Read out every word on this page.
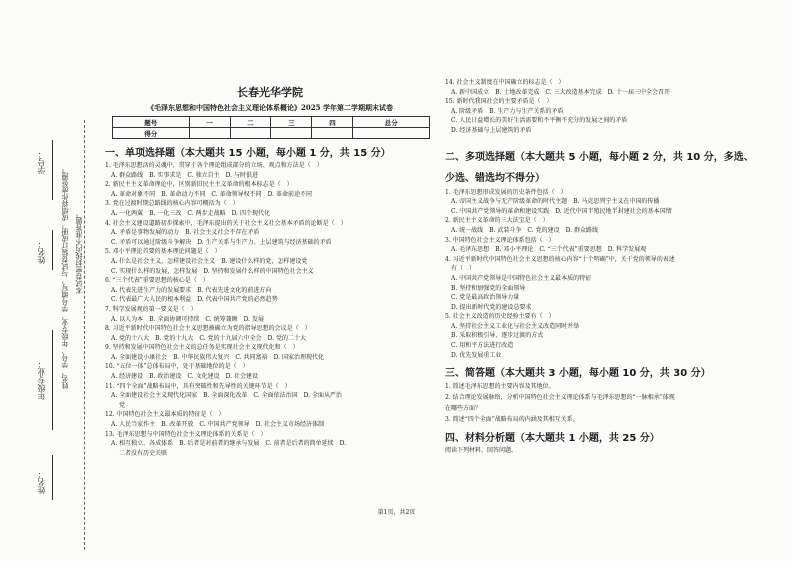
学号：
姓名：
年级专业：
姓名：
姓名、学号、年级专业、学号填写，与试卷装订成册，成绩将作废处理。 本试卷密封线内不准答题。
长春光华学院
《毛泽东思想和中国特色社会主义理论体系概论》2025 学年第二学期期末试卷
题号	一	二	三	四	总分
得分					
一、单项选择题（本大题共 15 小题，每小题 1 分，共 15 分）
1. 毛泽东思想活的灵魂中，贯穿于各个理论组成部分的立场、观点和方法是（　）
A. 群众路线　B. 实事求是　C. 独立自主　D. 与时俱进
2. 新民主主义革命理论中，区别新旧民主主义革命的根本标志是（　）
A. 革命对象不同　B. 革命动力不同　C. 革命领导权不同　D. 革命前途不同
3. 党在过渡时期总路线的核心内容可概括为（　）
A. 一化两翼　B. 一化三改　C. 两步走战略　D. 四个现代化
4. 社会主义建设道路初步探索中，毛泽东提出的关于社会主义社会基本矛盾的论断是（　）
A. 矛盾是事物发展的动力　B. 社会主义社会不存在矛盾
C. 矛盾可以通过阶级斗争解决　D. 生产关系与生产力、上层建筑与经济基础的矛盾
5. 邓小平理论首要的基本理论问题是（　）
A. 什么是社会主义，怎样建设社会主义　B. 建设什么样的党，怎样建设党
C. 实现什么样的发展，怎样发展　D. 坚持和发展什么样的中国特色社会主义
6. “三个代表”重要思想的核心是（　）
A. 代表先进生产力的发展要求　B. 代表先进文化的前进方向
C. 代表最广大人民的根本利益　D. 代表中国共产党的必然趋势
7. 科学发展观的第一要义是（　）
A. 以人为本　B. 全面协调可持续　C. 统筹兼顾　D. 发展
8. 习近平新时代中国特色社会主义思想被确立为党的指导思想的会议是（　）
A. 党的十八大　B. 党的十九大　C. 党的十九届六中全会　D. 党的二十大
9. 坚持和发展中国特色社会主义的总任务是实现社会主义现代化和（　）
A. 全面建设小康社会　B. 中华民族伟大复兴　C. 共同富裕　D. 国家治理现代化
10. “五位一体”总体布局中，处于基础地位的是（　）
A. 经济建设　B. 政治建设　C. 文化建设　D. 社会建设
11. “四个全面”战略布局中，具有突破性和先导性的关键环节是（　）
A. 全面建设社会主义现代化国家　B. 全面深化改革　C. 全面依法治国　D. 全面从严治
党
12. 中国特色社会主义最本质的特征是（　）
A. 人民当家作主　B. 改革开放　C. 中国共产党领导　D. 社会主义市场经济体制
13. 毛泽东思想与中国特色社会主义理论体系的关系是（　）
A. 相互独立，各成体系　B. 后者是对前者的继承与发展　C. 前者是后者的简单延续　D.
二者没有历史关联
14. 社会主义制度在中国确立的标志是（　）
A. 新中国成立　B. 土地改革完成　C. 三大改造基本完成　D. 十一届三中全会召开
15. 新时代我国社会的主要矛盾是（　）
A. 阶级矛盾　B. 生产力与生产关系的矛盾
C. 人民日益增长的美好生活需要和不平衡不充分的发展之间的矛盾
D. 经济基础与上层建筑的矛盾
二、多项选择题（本大题共 5 小题，每小题 2 分，共 10 分，多选、
少选、错选均不得分）
1. 毛泽东思想形成发展的历史条件包括（　）
A. 帝国主义战争与无产阶级革命的时代主题　B. 马克思列宁主义在中国的传播
C. 中国共产党领导的革命和建设实践　D. 近代中国半殖民地半封建社会的基本国情
2. 新民主主义革命的三大法宝是（　）
A. 统一战线　B. 武装斗争　C. 党的建设　D. 群众路线
3. 中国特色社会主义理论体系包括（　）
A. 毛泽东思想　B. 邓小平理论　C. “三个代表”重要思想　D. 科学发展观
4. 习近平新时代中国特色社会主义思想的核心内容“十个明确”中，关于党的领导的表述
有（　）
A. 中国共产党领导是中国特色社会主义最本质的特征
B. 坚持和加强党的全面领导
C. 党是最高政治领导力量
D. 提出新时代党的建设总要求
5. 社会主义改造的历史经验主要有（　）
A. 坚持社会主义工业化与社会主义改造同时并举
B. 采取积极引导、逐步过渡的方式
C. 用和平方法进行改造
D. 优先发展重工业
三、简答题（本大题共 3 小题，每小题 10 分，共 30 分）
1. 简述毛泽东思想的主要内容及其地位。
2. 结合理论发展脉络，分析中国特色社会主义理论体系与毛泽东思想的“一脉相承”体现
在哪些方面？
3. 简述“四个全面”战略布局的内涵及其相互关系。
四、材料分析题（本大题共 1 小题，共 25 分）
阅读下列材料，回答问题。
第1页，共2页
